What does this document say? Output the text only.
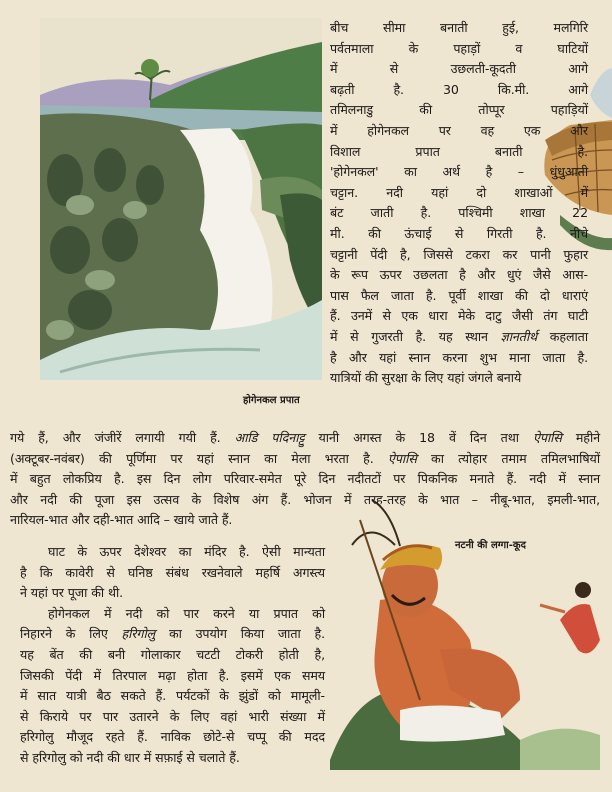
होगेनकल प्रपात
नटनी की लग्गा-कूद
बीच सीमा बनाती हुई, मलगिरि
पर्वतमाला के पहाड़ों व घाटियों
में से उछलती-कूदती आगे
बढ़ती है. 30 कि.मी. आगे
तमिलनाडु की तोप्पूर पहाड़ियों
में होगेनकल पर वह एक और
विशाल प्रपात बनाती है.
'होगेनकल' का अर्थ है – धुंधुआती
चट्टान. नदी यहां दो शाखाओं में
बंट जाती है. पश्चिमी शाखा 22
मी. की ऊंचाई से गिरती है. नीचे
चट्टानी पेंदी है, जिससे टकरा कर पानी फुहार
के रूप ऊपर उछलता है और धुएं जैसे आस-
पास फैल जाता है. पूर्वी शाखा की दो धाराएं
हैं. उनमें से एक धारा मेके दाटु जैसी तंग घाटी
में से गुजरती है. यह स्थान ज्ञानतीर्थ कहलाता
है और यहां स्नान करना शुभ माना जाता है.
यात्रियों की सुरक्षा के लिए यहां जंगले बनाये
गये हैं, और जंजीरें लगायी गयी हैं. आडि पदिनाट्टु यानी अगस्त के 18 वें दिन तथा ऐपासि महीने
(अक्टूबर-नवंबर) की पूर्णिमा पर यहां स्नान का मेला भरता है. ऐपासि का त्योहार तमाम तमिलभाषियों
में बहुत लोकप्रिय है. इस दिन लोग परिवार-समेत पूरे दिन नदीतटों पर पिकनिक मनाते हैं. नदी में स्नान
और नदी की पूजा इस उत्सव के विशेष अंग हैं. भोजन में तरह-तरह के भात – नीबू-भात, इमली-भात,
नारियल-भात और दही-भात आदि – खाये जाते हैं.
घाट के ऊपर देशेश्वर का मंदिर है. ऐसी मान्यता
है कि कावेरी से घनिष्ठ संबंध रखनेवाले महर्षि अगस्त्य
ने यहां पर पूजा की थी.
होगेनकल में नदी को पार करने या प्रपात को
निहारने के लिए हरिगोलु का उपयोग किया जाता है.
यह बेंत की बनी गोलाकार चटटी टोकरी होती है,
जिसकी पेंदी में तिरपाल मढ़ा होता है. इसमें एक समय
में सात यात्री बैठ सकते हैं. पर्यटकों के झुंडों को मामूली-
से किराये पर पार उतारने के लिए वहां भारी संख्या में
हरिगोलु मौजूद रहते हैं. नाविक छोटे-से चप्पू की मदद
से हरिगोलु को नदी की धार में सफ़ाई से चलाते हैं.
